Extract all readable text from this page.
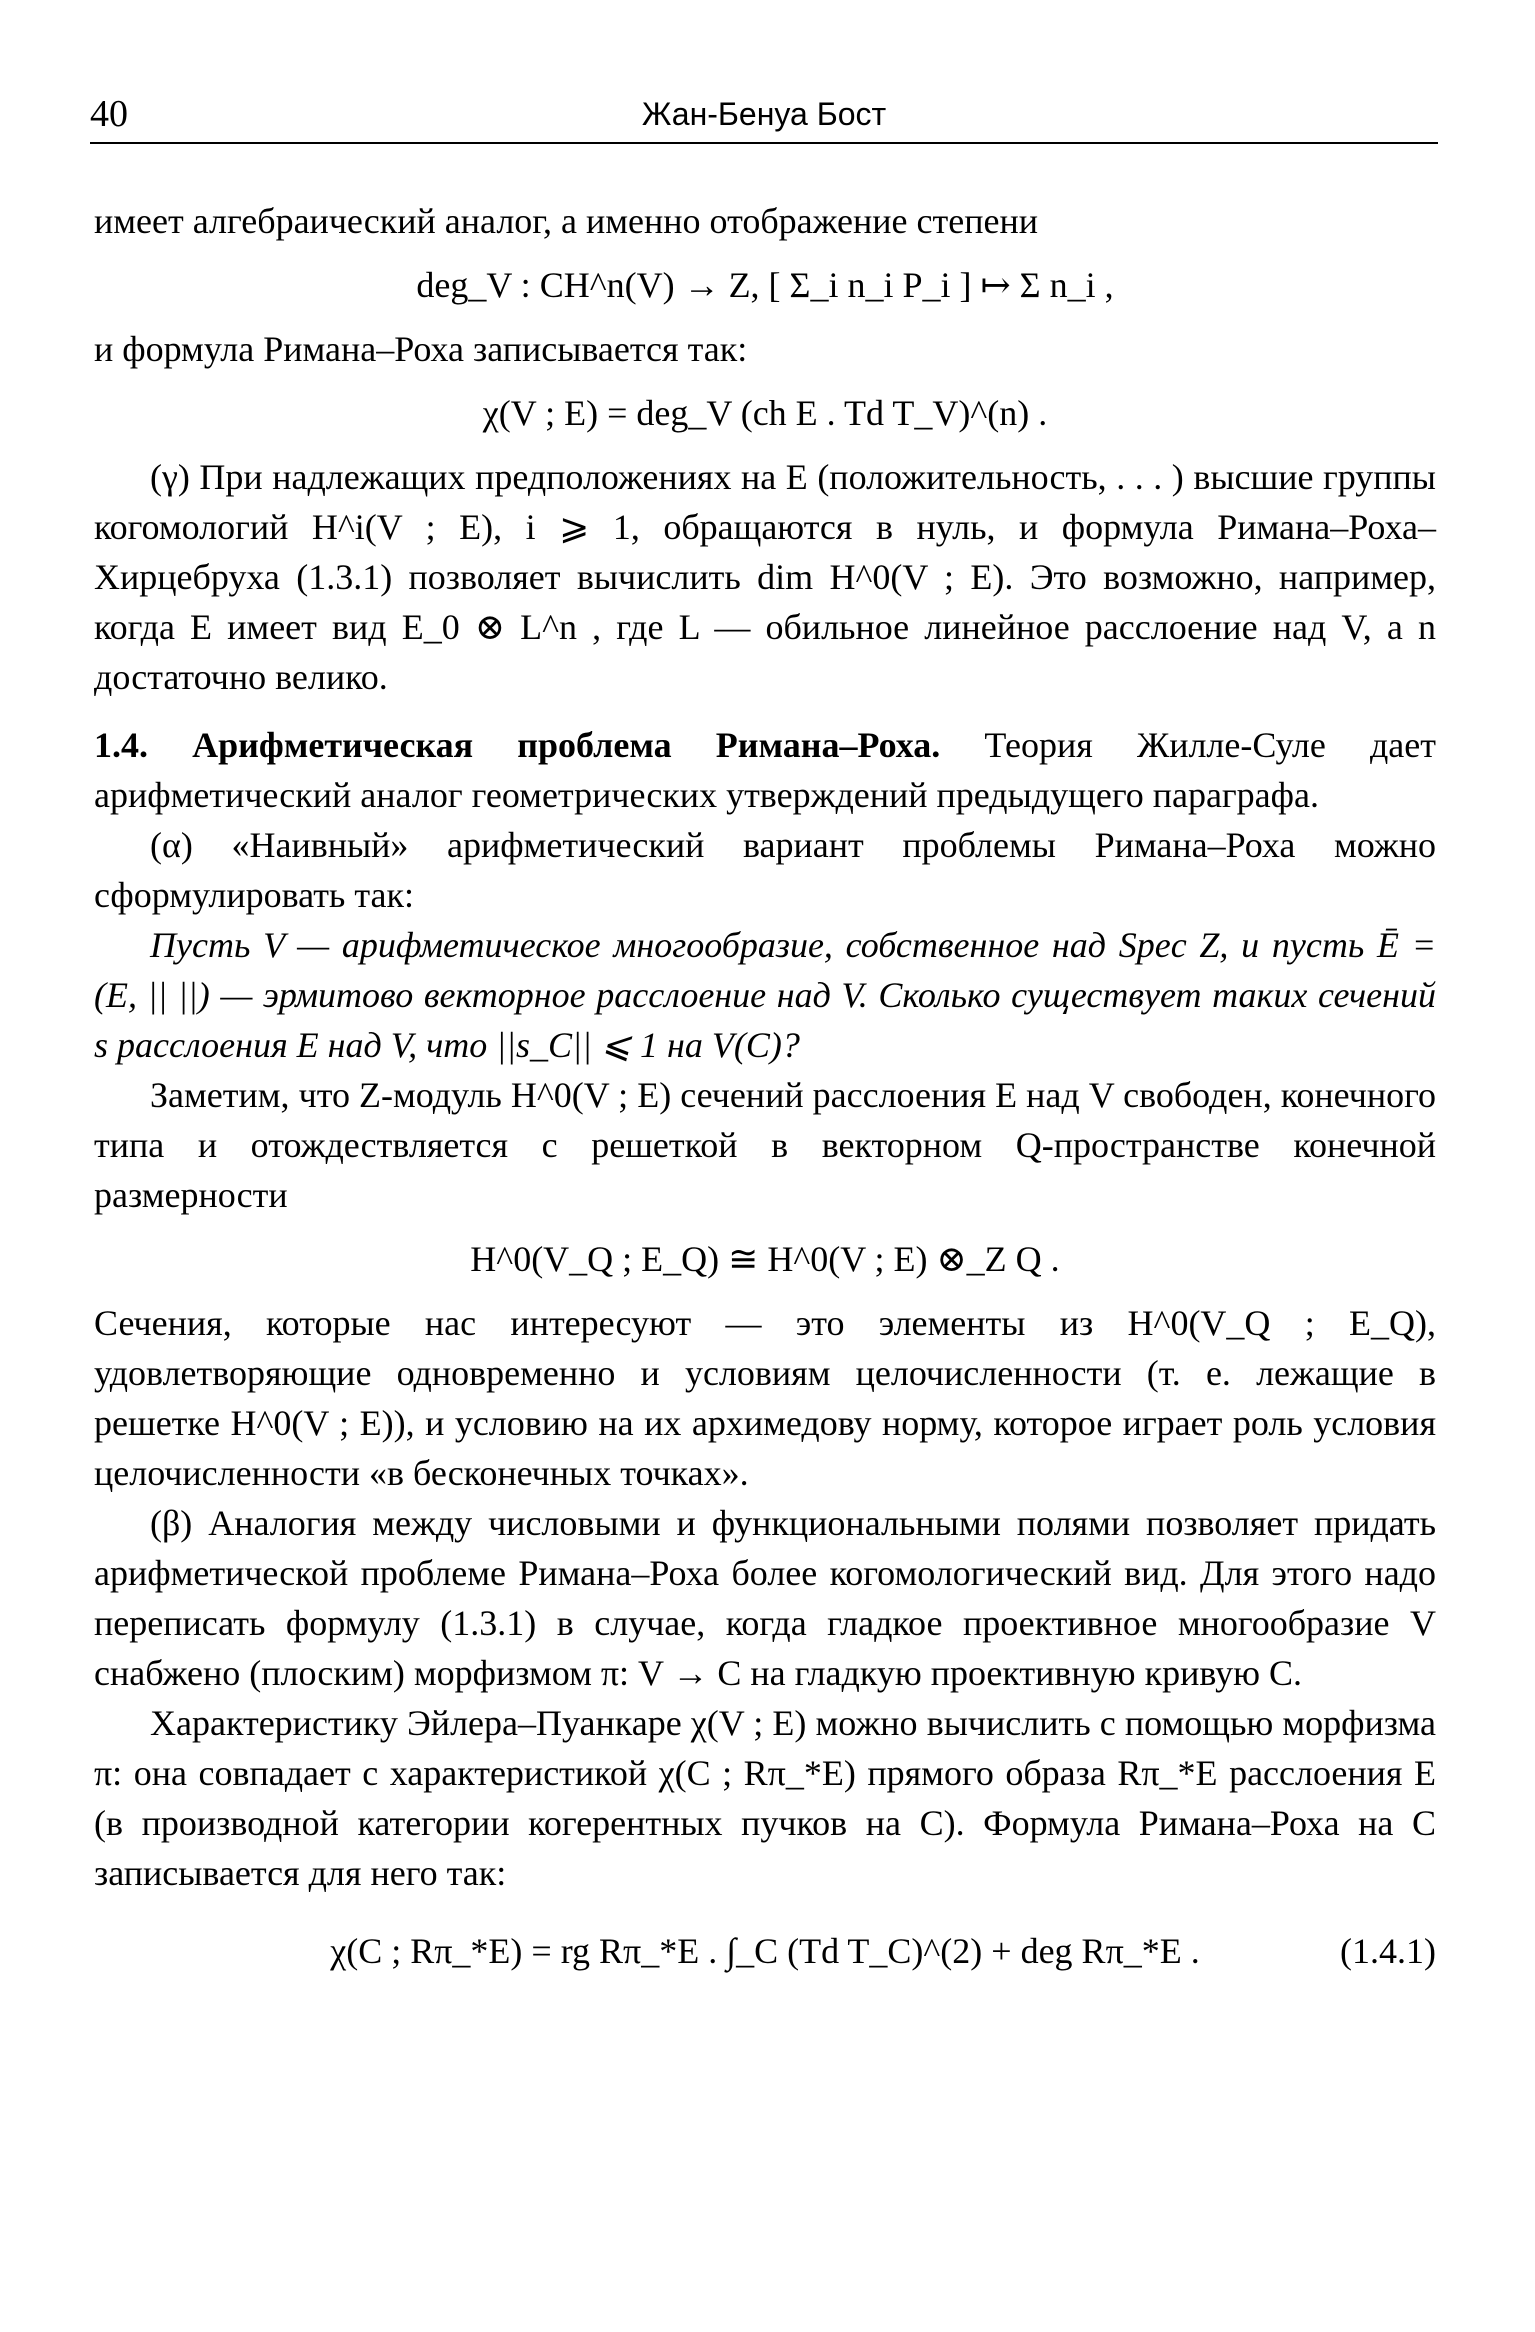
40	Жан-Бенуа Бост

имеет алгебраический аналог, а именно отображение степени

deg_V : CH^n(V) → Z, [ Σ_i n_i P_i ] ↦ Σ n_i ,

и формула Римана–Роха записывается так:

χ(V ; E) = deg_V (ch E . Td T_V)^(n) .

(γ) При надлежащих предположениях на E (положительность, . . . ) высшие группы когомологий H^i(V ; E), i ⩾ 1, обращаются в нуль, и формула Римана–Роха–Хирцебруха (1.3.1) позволяет вычислить dim H^0(V ; E). Это возможно, например, когда E имеет вид E_0 ⊗ L^n , где L — обильное линейное расслоение над V, а n достаточно велико.

1.4. Арифметическая проблема Римана–Роха. Теория Жилле-Суле дает арифметический аналог геометрических утверждений предыдущего параграфа.

(α) «Наивный» арифметический вариант проблемы Римана–Роха можно сформулировать так:

Пусть V — арифметическое многообразие, собственное над Spec Z, и пусть Ē = (E, || ||) — эрмитово векторное расслоение над V. Сколько существует таких сечений s расслоения E над V, что ||s_C|| ⩽ 1 на V(C)?

Заметим, что Z-модуль H^0(V ; E) сечений расслоения E над V свободен, конечного типа и отождествляется с решеткой в векторном Q-пространстве конечной размерности

H^0(V_Q ; E_Q) ≅ H^0(V ; E) ⊗_Z Q .

Сечения, которые нас интересуют — это элементы из H^0(V_Q ; E_Q), удовлетворяющие одновременно и условиям целочисленности (т. е. лежащие в решетке H^0(V ; E)), и условию на их архимедову норму, которое играет роль условия целочисленности «в бесконечных точках».

(β) Аналогия между числовыми и функциональными полями позволяет придать арифметической проблеме Римана–Роха более когомологический вид. Для этого надо переписать формулу (1.3.1) в случае, когда гладкое проективное многообразие V снабжено (плоским) морфизмом π: V → C на гладкую проективную кривую C.

Характеристику Эйлера–Пуанкаре χ(V ; E) можно вычислить с помощью морфизма π: она совпадает с характеристикой χ(C ; Rπ_*E) прямого образа Rπ_*E расслоения E (в производной категории когерентных пучков на C). Формула Римана–Роха на C записывается для него так:

χ(C ; Rπ_*E) = rg Rπ_*E . ∫_C (Td T_C)^(2) + deg Rπ_*E .	(1.4.1)
